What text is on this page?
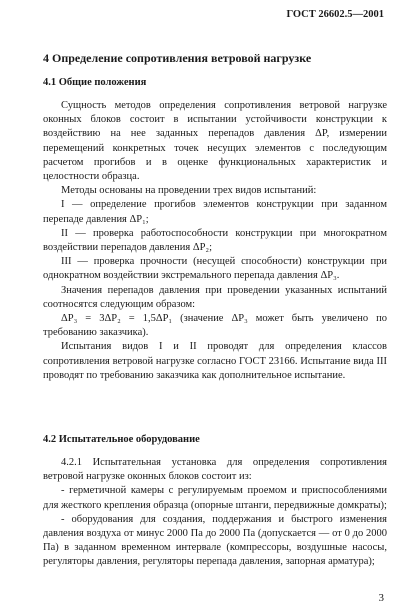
ГОСТ 26602.5—2001
4 Определение сопротивления ветровой нагрузке
4.1 Общие положения

Сущность методов определения сопротивления ветровой нагрузке оконных блоков состоит в испытании устойчивости конструкции к воздействию на нее заданных перепадов давления ΔP, измерении перемещений конкретных точек несущих элементов с последующим расчетом прогибов и в оценке функциональных характеристик и целостности образца.

Методы основаны на проведении трех видов испытаний:

I — определение прогибов элементов конструкции при заданном перепаде давления ΔP₁;

II — проверка работоспособности конструкции при многократном воздействии перепадов давления ΔP₂;

III — проверка прочности (несущей способности) конструкции при однократном воздействии экстремального перепада давления ΔP₃.

Значения перепадов давления при проведении указанных испытаний соотносятся следующим образом:

ΔP₃ = 3ΔP₂ = 1,5ΔP₁ (значение ΔP₃ может быть увеличено по требованию заказчика).

Испытания видов I и II проводят для определения классов сопротивления ветровой нагрузке согласно ГОСТ 23166. Испытание вида III проводят по требованию заказчика как дополнительное испытание.

4.2 Испытательное оборудование

4.2.1 Испытательная установка для определения сопротивления ветровой нагрузке оконных блоков состоит из:

- герметичной камеры с регулируемым проемом и приспособлениями для жесткого крепления образца (опорные штанги, передвижные домкраты);

- оборудования для создания, поддержания и быстрого изменения давления воздуха от минус 2000 Па до 2000 Па (допускается — от 0 до 2000 Па) в заданном временном интервале (компрессоры, воздушные насосы, регуляторы давления, регуляторы перепада давления, запорная арматура);

3
